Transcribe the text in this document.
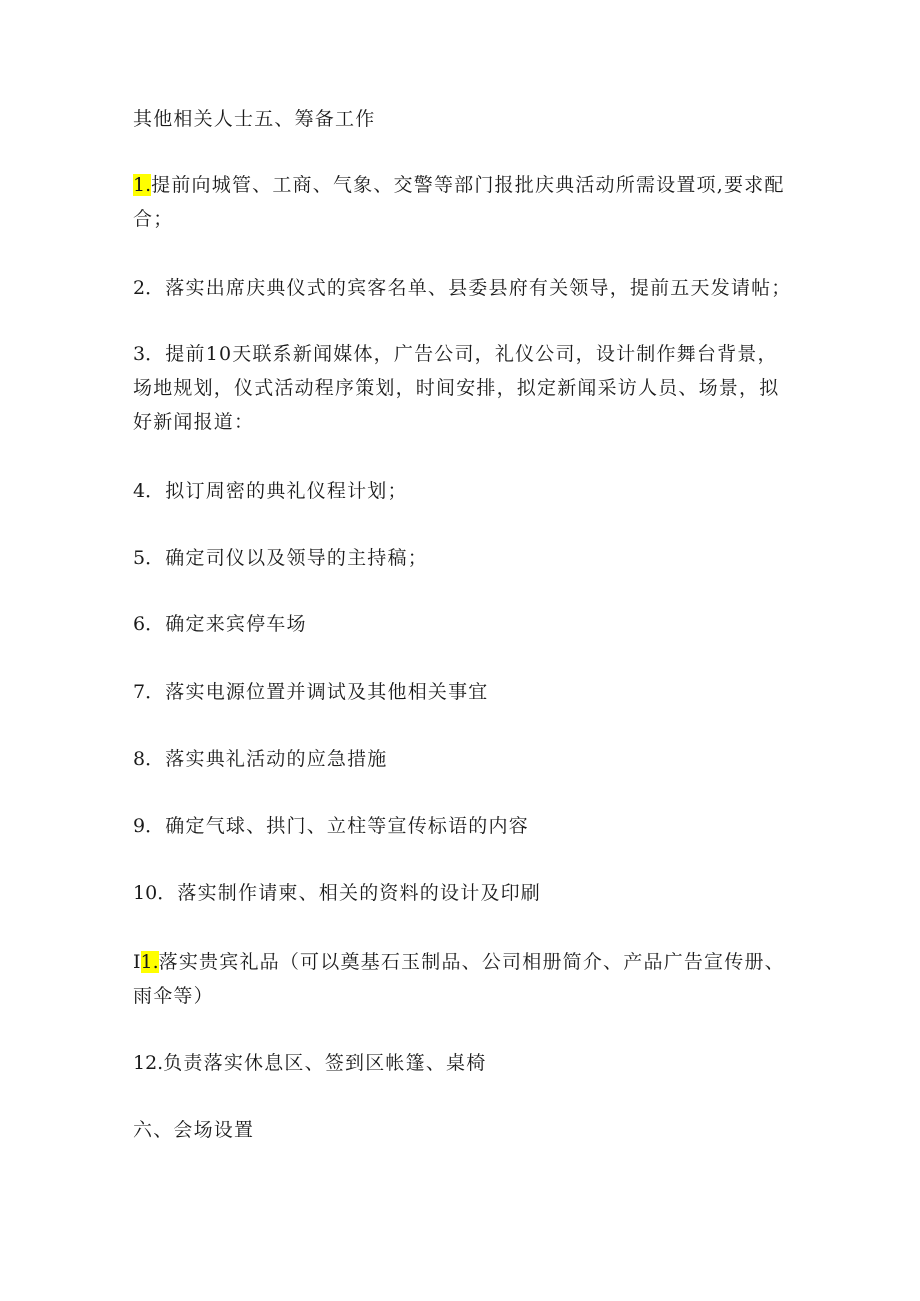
其他相关人士五、筹备工作
1.提前向城管、工商、气象、交警等部门报批庆典活动所需设置项,要求配合；
2．落实出席庆典仪式的宾客名单、县委县府有关领导，提前五天发请帖；
3．提前10天联系新闻媒体，广告公司，礼仪公司，设计制作舞台背景，场地规划，仪式活动程序策划，时间安排，拟定新闻采访人员、场景，拟好新闻报道：
4．拟订周密的典礼仪程计划；
5．确定司仪以及领导的主持稿；
6．确定来宾停车场
7．落实电源位置并调试及其他相关事宜
8．落实典礼活动的应急措施
9．确定气球、拱门、立柱等宣传标语的内容
10．落实制作请柬、相关的资料的设计及印刷
I1.落实贵宾礼品（可以奠基石玉制品、公司相册简介、产品广告宣传册、雨伞等）
12.负责落实休息区、签到区帐篷、桌椅
六、会场设置
